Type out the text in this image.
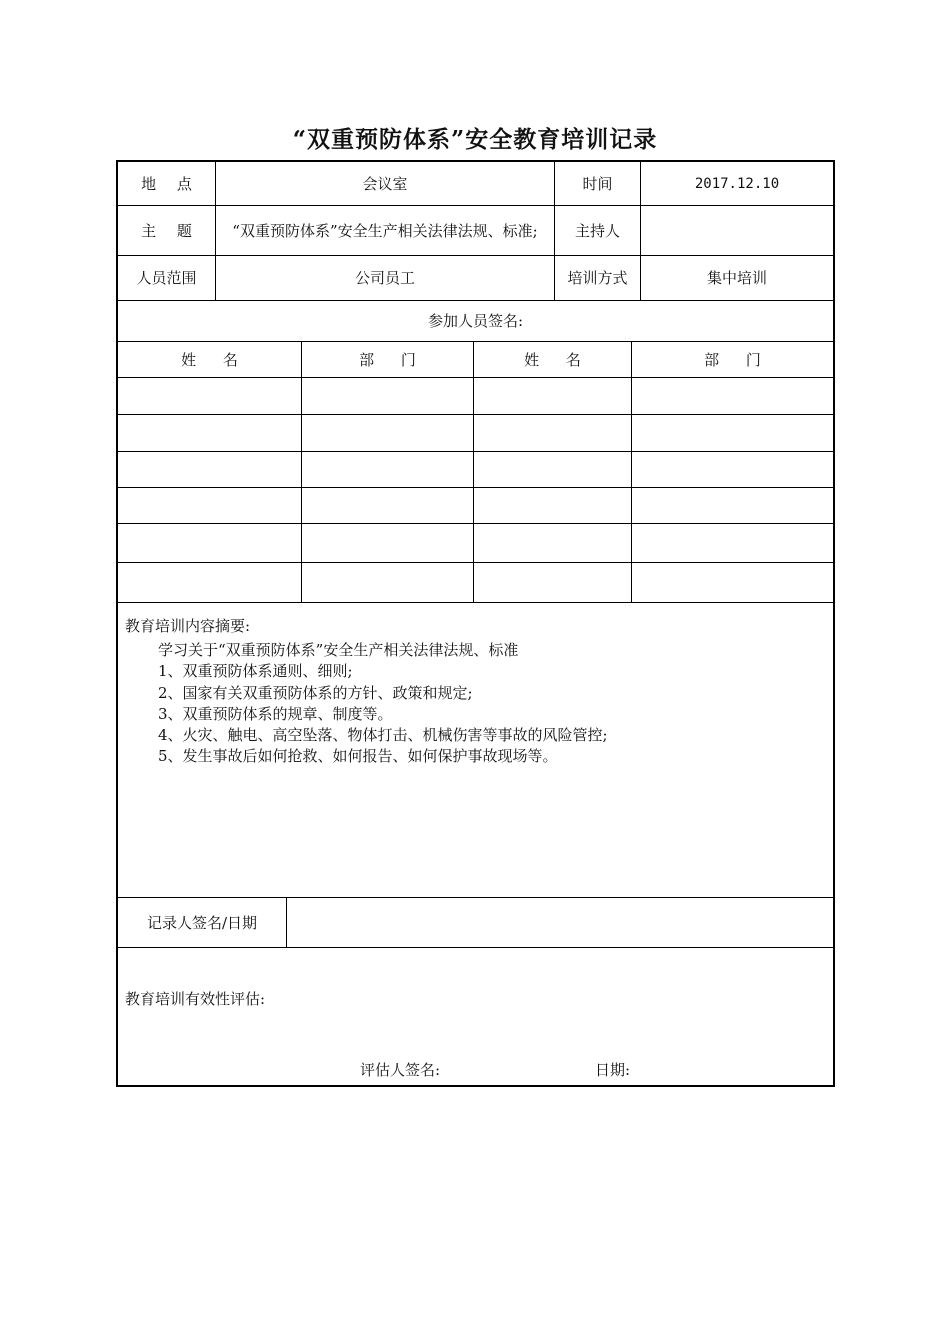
“双重预防体系”安全教育培训记录
地 点	会议室	时间	2017.12.10
主 题	“双重预防体系”安全生产相关法律法规、标准;	主持人
人员范围	公司员工	培训方式	集中培训
参加人员签名:
姓 名	部 门	姓 名	部 门
教育培训内容摘要:
学习关于“双重预防体系”安全生产相关法律法规、标准
1、双重预防体系通则、细则;
2、国家有关双重预防体系的方针、政策和规定;
3、双重预防体系的规章、制度等。
4、火灾、触电、高空坠落、物体打击、机械伤害等事故的风险管控;
5、发生事故后如何抢救、如何报告、如何保护事故现场等。
记录人签名/日期
教育培训有效性评估:
评估人签名:	日期:
